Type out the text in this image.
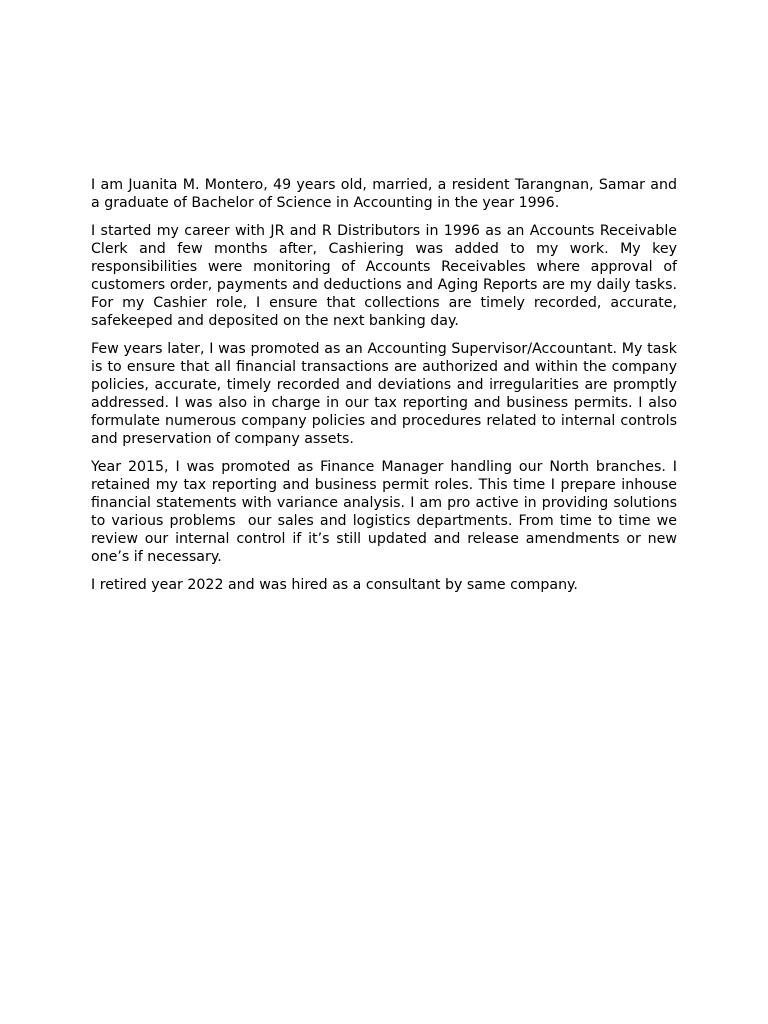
I am Juanita M. Montero, 49 years old, married, a resident Tarangnan, Samar and a graduate of Bachelor of Science in Accounting in the year 1996.

I started my career with JR and R Distributors in 1996 as an Accounts Receivable Clerk and few months after, Cashiering was added to my work. My key responsibilities were monitoring of Accounts Receivables where approval of customers order, payments and deductions and Aging Reports are my daily tasks. For my Cashier role, I ensure that collections are timely recorded, accurate, safekeeped and deposited on the next banking day.

Few years later, I was promoted as an Accounting Supervisor/Accountant. My task is to ensure that all financial transactions are authorized and within the company policies, accurate, timely recorded and deviations and irregularities are promptly addressed. I was also in charge in our tax reporting and business permits. I also formulate numerous company policies and procedures related to internal controls and preservation of company assets.

Year 2015, I was promoted as Finance Manager handling our North branches. I retained my tax reporting and business permit roles. This time I prepare inhouse financial statements with variance analysis. I am pro active in providing solutions to various problems  our sales and logistics departments. From time to time we review our internal control if it’s still updated and release amendments or new one’s if necessary.

I retired year 2022 and was hired as a consultant by same company.
